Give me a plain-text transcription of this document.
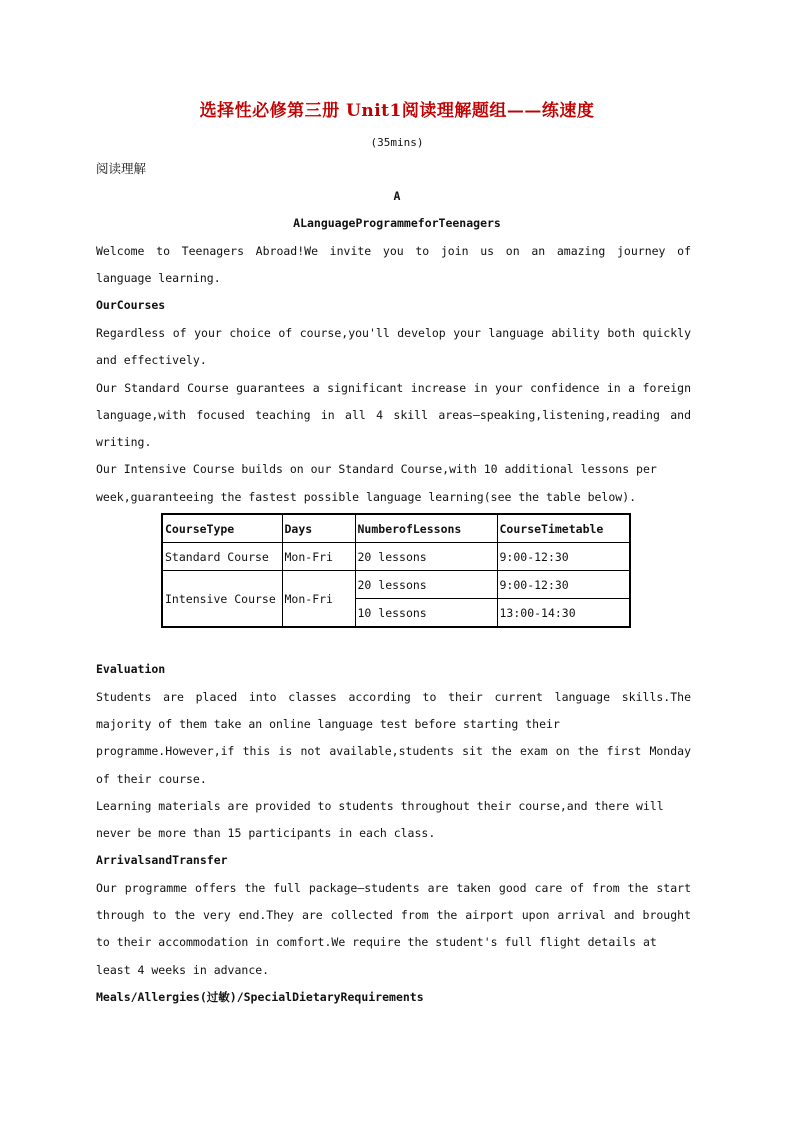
选择性必修第三册 Unit1阅读理解题组——练速度
(35mins)
阅读理解
A
ALanguageProgrammeforTeenagers
Welcome to Teenagers Abroad!We invite you to join us on an amazing journey of
language learning.
OurCourses
Regardless of your choice of course,you'll develop your language ability both quickly
and effectively.
Our Standard Course guarantees a significant increase in your confidence in a foreign
language,with focused teaching in all 4 skill areas—speaking,listening,reading and
writing.
Our Intensive Course builds on our Standard Course,with 10 additional lessons per
week,guaranteeing the fastest possible language learning(see the table below).
CourseType	Days	NumberofLessons	CourseTimetable
Standard Course	Mon-Fri	20 lessons	9:00-12:30
Intensive Course	Mon-Fri	20 lessons	9:00-12:30
		10 lessons	13:00-14:30
Evaluation
Students are placed into classes according to their current language skills.The
majority of them take an online language test before starting their
programme.However,if this is not available,students sit the exam on the first Monday
of their course.
Learning materials are provided to students throughout their course,and there will
never be more than 15 participants in each class.
ArrivalsandTransfer
Our programme offers the full package—students are taken good care of from the start
through to the very end.They are collected from the airport upon arrival and brought
to their accommodation in comfort.We require the student's full flight details at
least 4 weeks in advance.
Meals/Allergies(过敏)/SpecialDietaryRequirements
